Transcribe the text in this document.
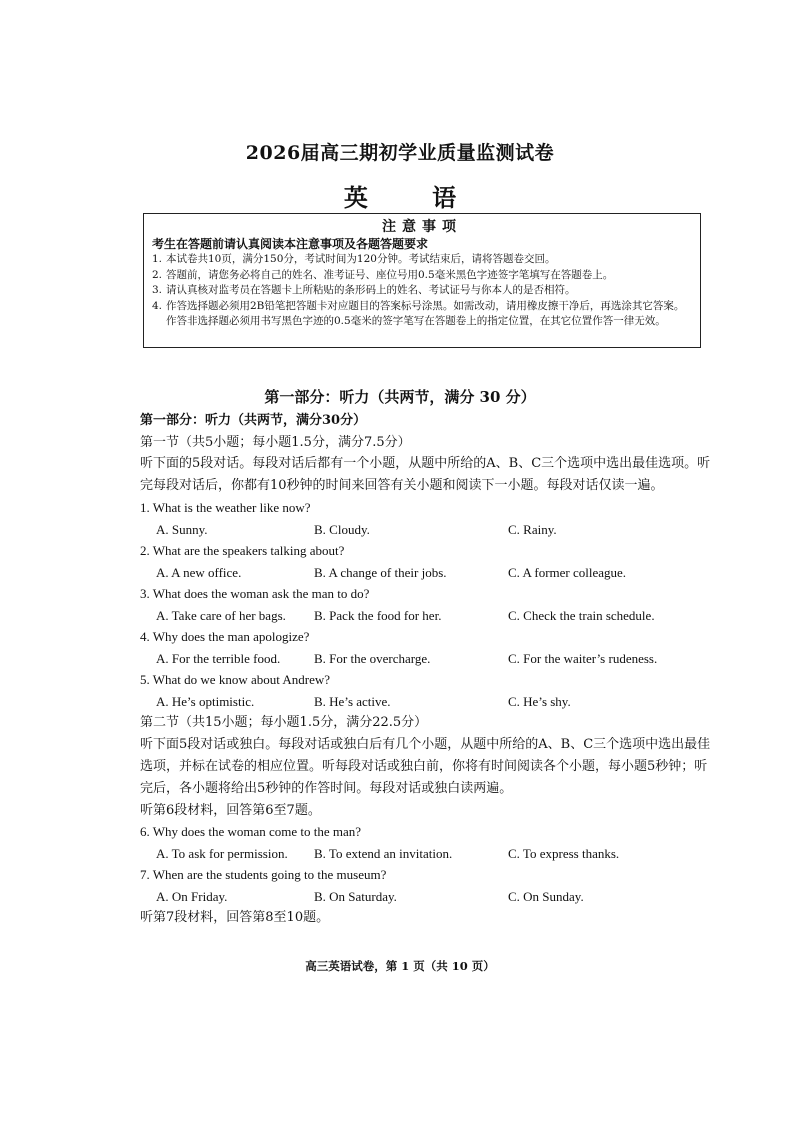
2026届高三期初学业质量监测试卷
英 语
注意事项
考生在答题前请认真阅读本注意事项及各题答题要求
1. 本试卷共10页，满分150分，考试时间为120分钟。考试结束后，请将答题卷交回。
2. 答题前，请您务必将自己的姓名、准考证号、座位号用0.5毫米黑色字迹签字笔填写在答题卷上。
3. 请认真核对监考员在答题卡上所粘贴的条形码上的姓名、考试证号与你本人的是否相符。
4. 作答选择题必须用2B铅笔把答题卡对应题目的答案标号涂黑。如需改动，请用橡皮擦干净后，再选涂其它答案。作答非选择题必须用书写黑色字迹的0.5毫米的签字笔写在答题卷上的指定位置，在其它位置作答一律无效。
第一部分：听力（共两节，满分 30 分）
第一部分：听力（共两节，满分30分）
第一节（共5小题；每小题1.5分，满分7.5分）
听下面的5段对话。每段对话后都有一个小题，从题中所给的A、B、C三个选项中选出最佳选项。听完每段对话后，你都有10秒钟的时间来回答有关小题和阅读下一小题。每段对话仅读一遍。
1. What is the weather like now?
A. Sunny.	B. Cloudy.	C. Rainy.
2. What are the speakers talking about?
A. A new office.	B. A change of their jobs.	C. A former colleague.
3. What does the woman ask the man to do?
A. Take care of her bags.	B. Pack the food for her.	C. Check the train schedule.
4. Why does the man apologize?
A. For the terrible food.	B. For the overcharge.	C. For the waiter’s rudeness.
5. What do we know about Andrew?
A. He’s optimistic.	B. He’s active.	C. He’s shy.
第二节（共15小题；每小题1.5分，满分22.5分）
听下面5段对话或独白。每段对话或独白后有几个小题，从题中所给的A、B、C三个选项中选出最佳选项，并标在试卷的相应位置。听每段对话或独白前，你将有时间阅读各个小题，每小题5秒钟；听完后，各小题将给出5秒钟的作答时间。每段对话或独白读两遍。
听第6段材料，回答第6至7题。
6. Why does the woman come to the man?
A. To ask for permission.	B. To extend an invitation.	C. To express thanks.
7. When are the students going to the museum?
A. On Friday.	B. On Saturday.	C. On Sunday.
听第7段材料，回答第8至10题。
高三英语试卷，第 1 页（共 10 页）
